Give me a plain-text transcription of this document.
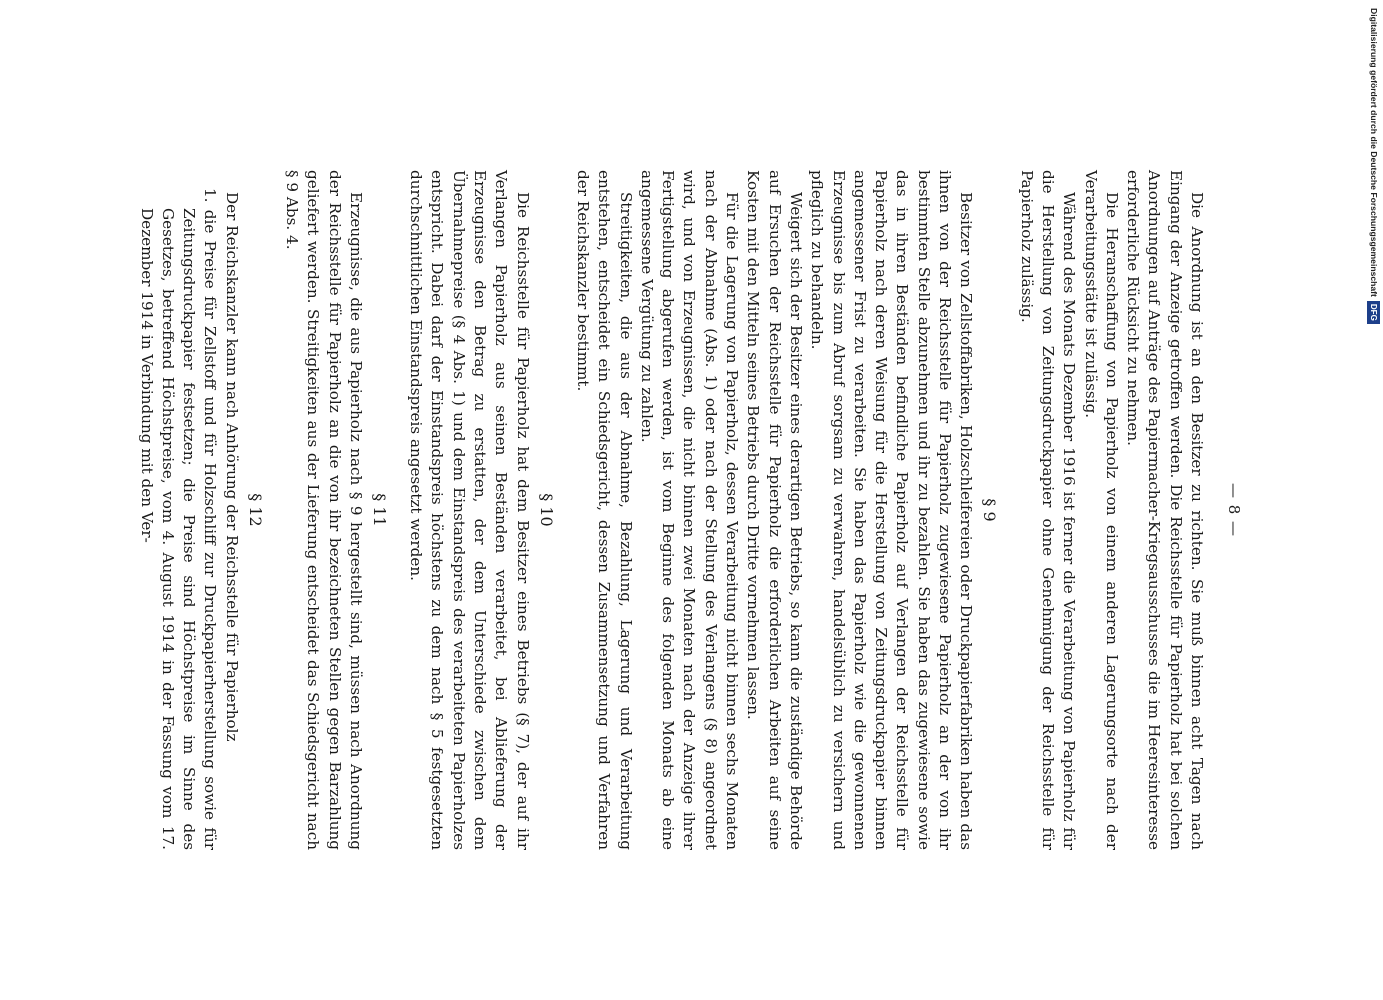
— 8 —

Die Anordnung ist an den Besitzer zu richten. Sie muß binnen acht Tagen nach Eingang der Anzeige getroffen werden. Die Reichsstelle für Papierholz hat bei solchen Anordnungen auf Anträge des Papiermacher-Kriegsausschusses die im Heeresinteresse erforderliche Rücksicht zu nehmen.

Die Heranschaffung von Papierholz von einem anderen Lagerungsorte nach der Verarbeitungsstätte ist zulässig.

Während des Monats Dezember 1916 ist ferner die Verarbeitung von Papierholz für die Herstellung von Zeitungsdruckpapier ohne Genehmigung der Reichsstelle für Papierholz zulässig.

§ 9

Besitzer von Zellstoffabriken, Holzschleifereien oder Druckpapierfabriken haben das ihnen von der Reichsstelle für Papierholz zugewiesene Papierholz an der von ihr bestimmten Stelle abzunehmen und ihr zu bezahlen. Sie haben das zugewiesene sowie das in ihren Beständen befindliche Papierholz auf Verlangen der Reichsstelle für Papierholz nach deren Weisung für die Herstellung von Zeitungsdruckpapier binnen angemessener Frist zu verarbeiten. Sie haben das Papierholz wie die gewonnenen Erzeugnisse bis zum Abruf sorgsam zu verwahren, handelsüblich zu versichern und pfleglich zu behandeln.

Weigert sich der Besitzer eines derartigen Betriebs, so kann die zuständige Behörde auf Ersuchen der Reichsstelle für Papierholz die erforderlichen Arbeiten auf seine Kosten mit den Mitteln seines Betriebs durch Dritte vornehmen lassen.

Für die Lagerung von Papierholz, dessen Verarbeitung nicht binnen sechs Monaten nach der Abnahme (Abs. 1) oder nach der Stellung des Verlangens (§ 8) angeordnet wird, und von Erzeugnissen, die nicht binnen zwei Monaten nach der Anzeige ihrer Fertigstellung abgerufen werden, ist vom Beginne des folgenden Monats ab eine angemessene Vergütung zu zahlen.

Streitigkeiten, die aus der Abnahme, Bezahlung, Lagerung und Verarbeitung entstehen, entscheidet ein Schiedsgericht, dessen Zusammensetzung und Verfahren der Reichskanzler bestimmt.

§ 10

Die Reichsstelle für Papierholz hat dem Besitzer eines Betriebs (§ 7), der auf ihr Verlangen Papierholz aus seinen Beständen verarbeitet, bei Ablieferung der Erzeugnisse den Betrag zu erstatten, der dem Unterschiede zwischen dem Übernahmepreise (§ 4 Abs. 1) und dem Einstandspreis des verarbeiteten Papierholzes entspricht. Dabei darf der Einstandspreis höchstens zu dem nach § 5 festgesetzten durchschnittlichen Einstandspreis angesetzt werden.

§ 11

Erzeugnisse, die aus Papierholz nach § 9 hergestellt sind, müssen nach Anordnung der Reichsstelle für Papierholz an die von ihr bezeichneten Stellen gegen Barzahlung geliefert werden. Streitigkeiten aus der Lieferung entscheidet das Schiedsgericht nach § 9 Abs. 4.

§ 12

Der Reichskanzler kann nach Anhörung der Reichsstelle für Papierholz

1. die Preise für Zellstoff und für Holzschliff zur Druckpapierherstellung sowie für Zeitungsdruckpapier festsetzen; die Preise sind Höchstpreise im Sinne des Gesetzes, betreffend Höchstpreise, vom 4. August 1914 in der Fassung vom 17. Dezember 1914 in Verbindung mit den Ver-

Digitalisierung gefördert durch die Deutsche Forschungsgemeinschaft
DFG
